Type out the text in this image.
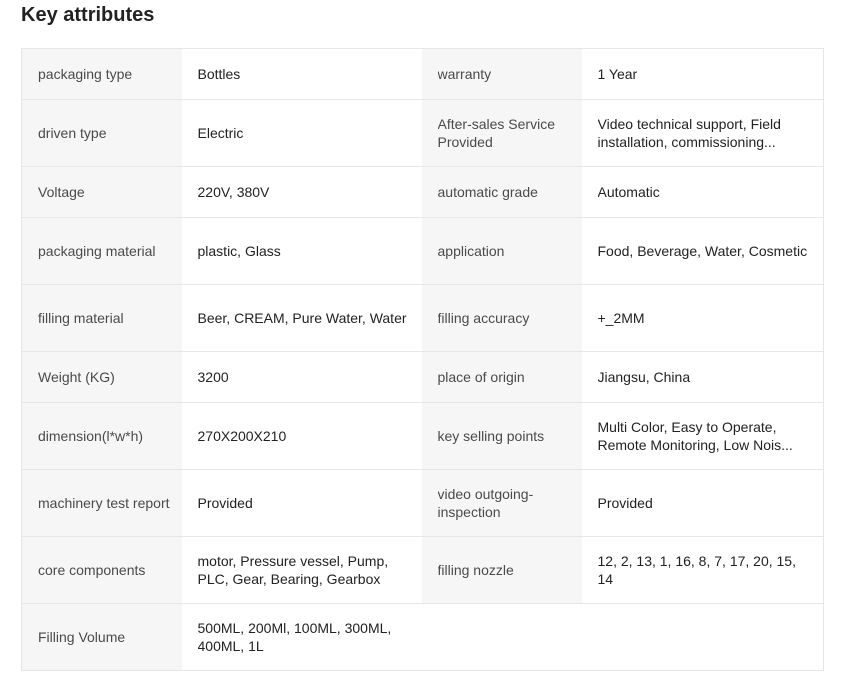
Key attributes
packaging type	Bottles	warranty	1 Year

driven type	Electric	After-sales Service Provided	Video technical support, Field installation, commissioning...

Voltage	220V, 380V	automatic grade	Automatic

packaging material	plastic, Glass	application	Food, Beverage, Water, Cosmetic

filling material	Beer, CREAM, Pure Water, Water	filling accuracy	+_2MM

Weight (KG)	3200	place of origin	Jiangsu, China

dimension(l*w*h)	270X200X210	key selling points	Multi Color, Easy to Operate, Remote Monitoring, Low Nois...

machinery test report	Provided	video outgoing-inspection	Provided

core components	motor, Pressure vessel, Pump, PLC, Gear, Bearing, Gearbox	filling nozzle	12, 2, 13, 1, 16, 8, 7, 17, 20, 15, 14

Filling Volume	500ML, 200Ml, 100ML, 300ML, 400ML, 1L		
